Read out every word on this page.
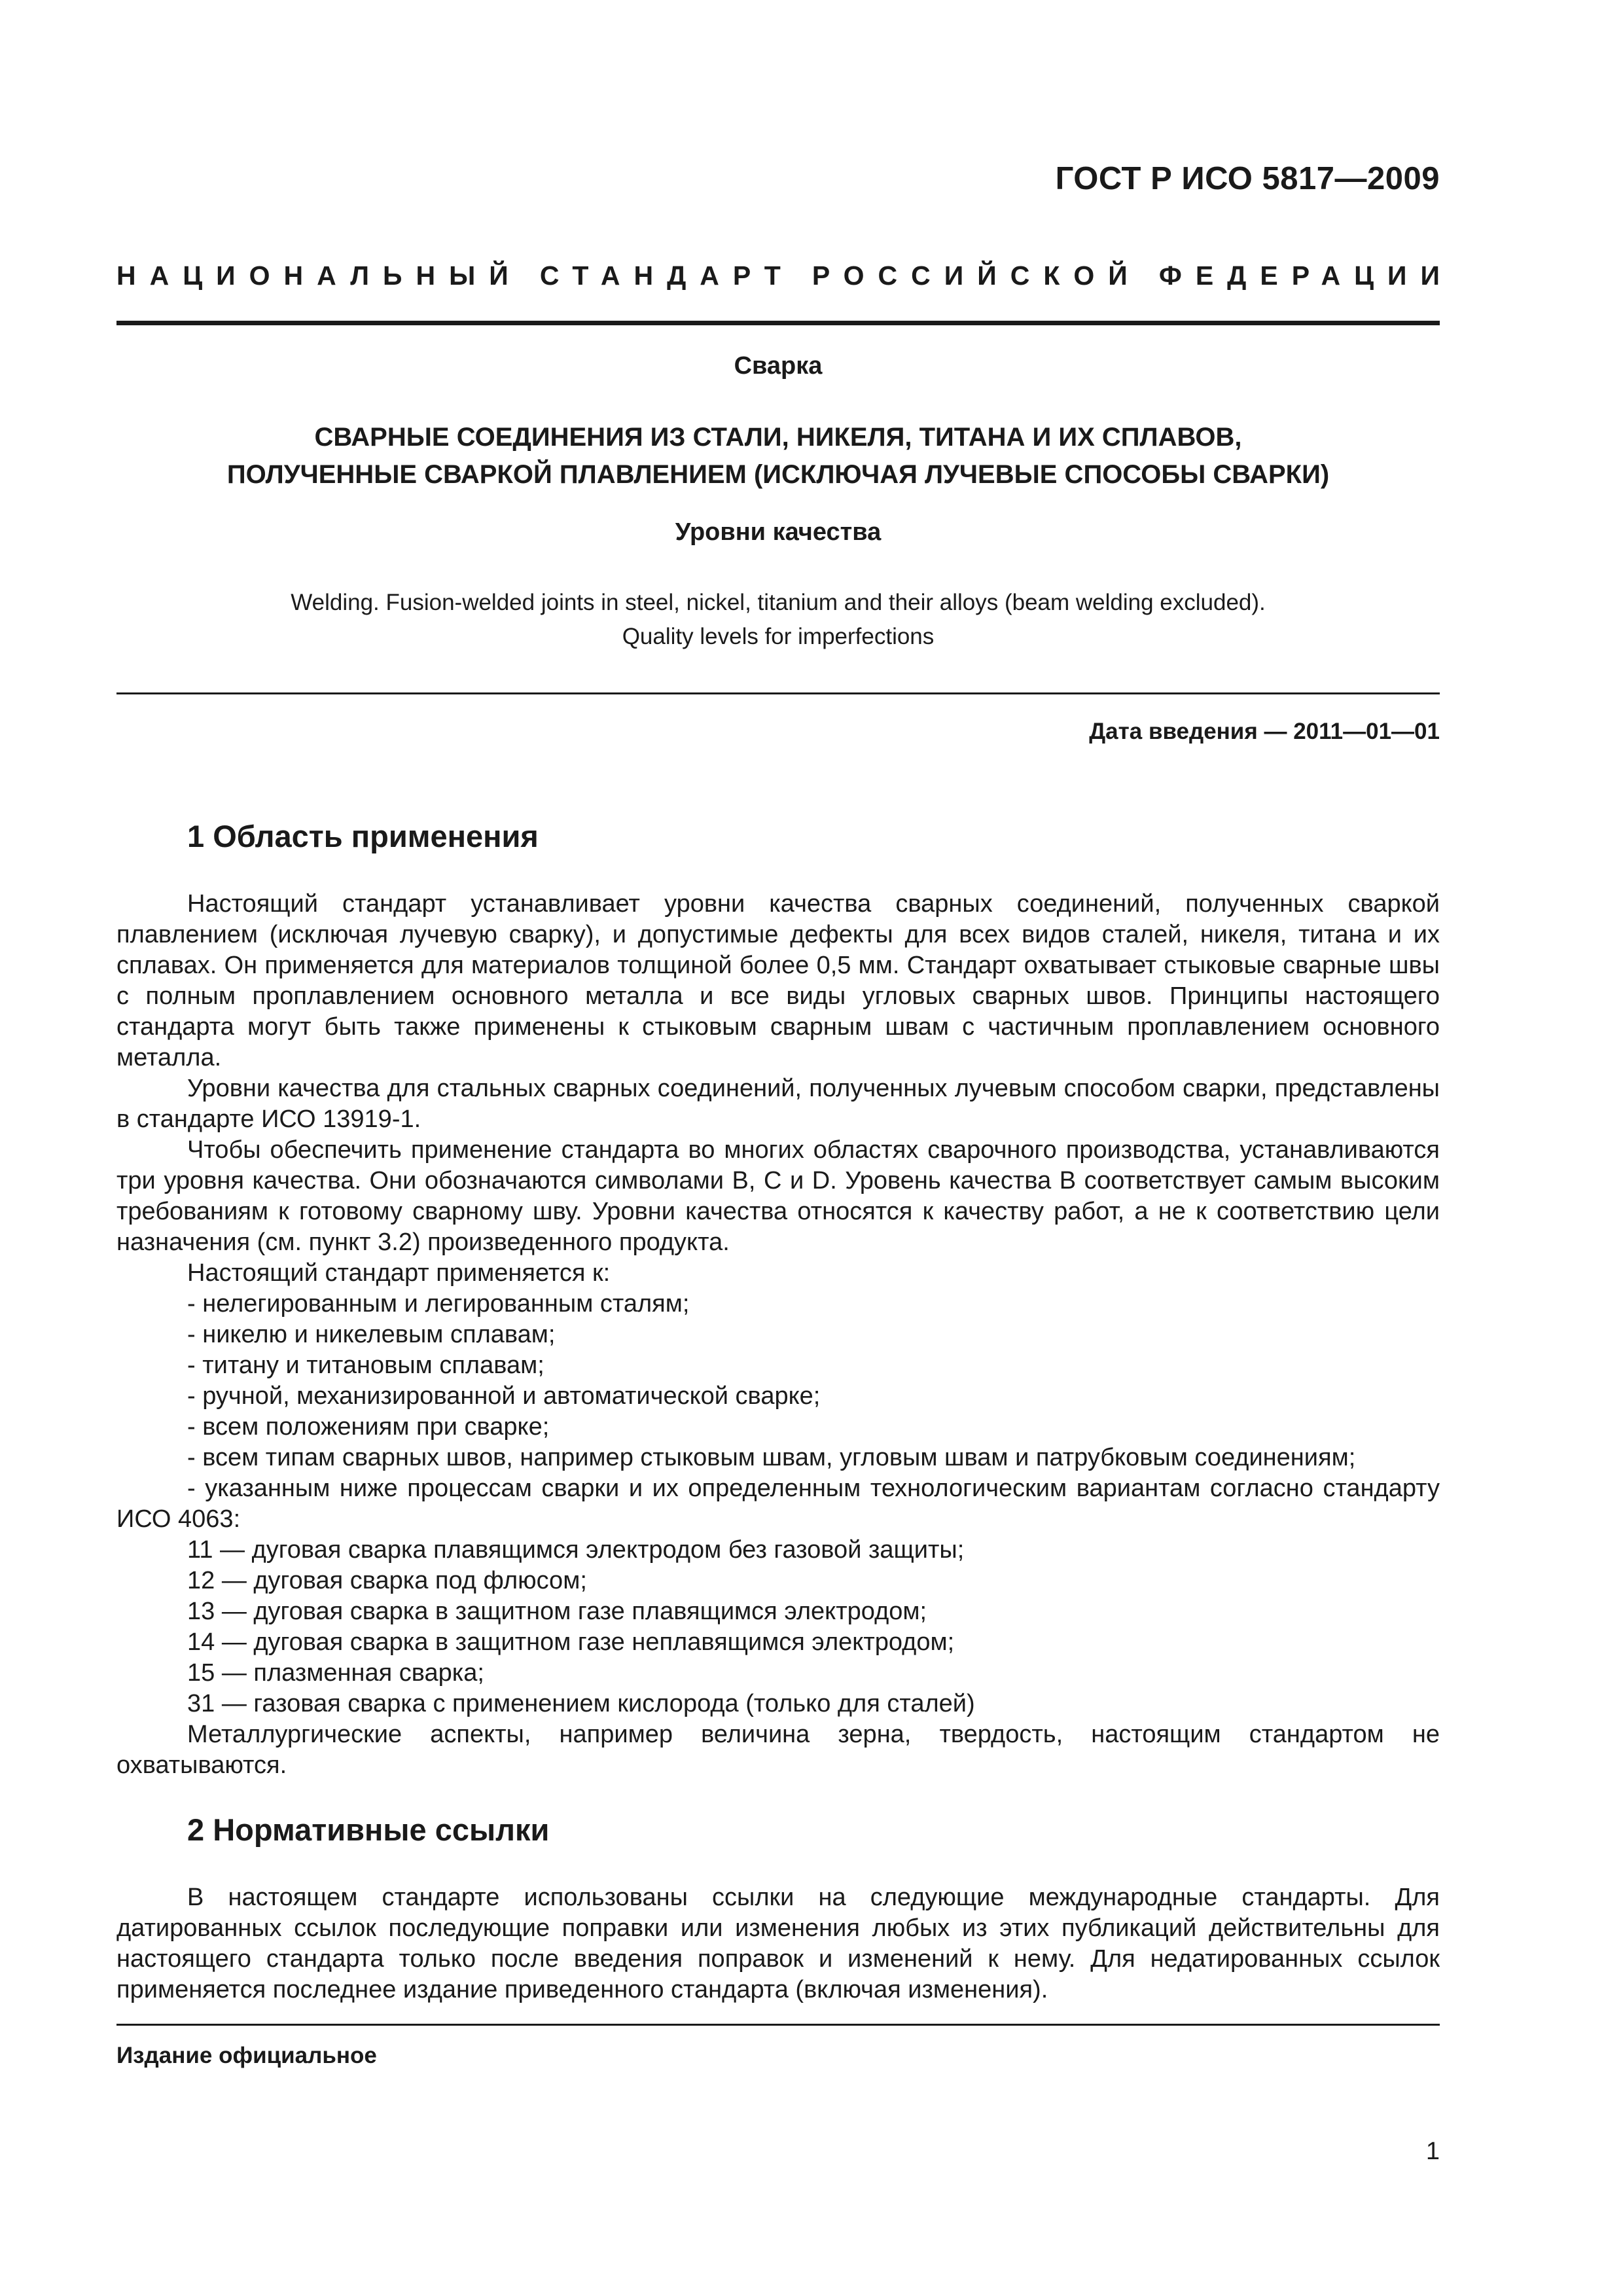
ГОСТ Р ИСО 5817—2009
НАЦИОНАЛЬНЫЙ СТАНДАРТ РОССИЙСКОЙ ФЕДЕРАЦИИ
Сварка
СВАРНЫЕ СОЕДИНЕНИЯ ИЗ СТАЛИ, НИКЕЛЯ, ТИТАНА И ИХ СПЛАВОВ,
ПОЛУЧЕННЫЕ СВАРКОЙ ПЛАВЛЕНИЕМ (ИСКЛЮЧАЯ ЛУЧЕВЫЕ СПОСОБЫ СВАРКИ)
Уровни качества
Welding. Fusion-welded joints in steel, nickel, titanium and their alloys (beam welding excluded).
Quality levels for imperfections
Дата введения — 2011—01—01
1 Область применения

Настоящий стандарт устанавливает уровни качества сварных соединений, полученных сваркой плавлением (исключая лучевую сварку), и допустимые дефекты для всех видов сталей, никеля, титана и их сплавах. Он применяется для материалов толщиной более 0,5 мм. Стандарт охватывает стыковые сварные швы с полным проплавлением основного металла и все виды угловых сварных швов. Принципы настоящего стандарта могут быть также применены к стыковым сварным швам с частичным проплавлением основного металла.

Уровни качества для стальных сварных соединений, полученных лучевым способом сварки, представлены в стандарте ИСО 13919-1.

Чтобы обеспечить применение стандарта во многих областях сварочного производства, устанавливаются три уровня качества. Они обозначаются символами В, С и D. Уровень качества В соответствует самым высоким требованиям к готовому сварному шву. Уровни качества относятся к качеству работ, а не к соответствию цели назначения (см. пункт 3.2) произведенного продукта.

Настоящий стандарт применяется к:

- нелегированным и легированным сталям;

- никелю и никелевым сплавам;

- титану и титановым сплавам;

- ручной, механизированной и автоматической сварке;

- всем положениям при сварке;

- всем типам сварных швов, например стыковым швам, угловым швам и патрубковым соединениям;

- указанным ниже процессам сварки и их определенным технологическим вариантам согласно стандарту ИСО 4063:

11 — дуговая сварка плавящимся электродом без газовой защиты;

12 — дуговая сварка под флюсом;

13 — дуговая сварка в защитном газе плавящимся электродом;

14 — дуговая сварка в защитном газе неплавящимся электродом;

15 — плазменная сварка;

31 — газовая сварка с применением кислорода (только для сталей)

Металлургические аспекты, например величина зерна, твердость, настоящим стандартом не охватываются.

2 Нормативные ссылки

В настоящем стандарте использованы ссылки на следующие международные стандарты. Для датированных ссылок последующие поправки или изменения любых из этих публикаций действительны для настоящего стандарта только после введения поправок и изменений к нему. Для недатированных ссылок применяется последнее издание приведенного стандарта (включая изменения).

Издание официальное
1
